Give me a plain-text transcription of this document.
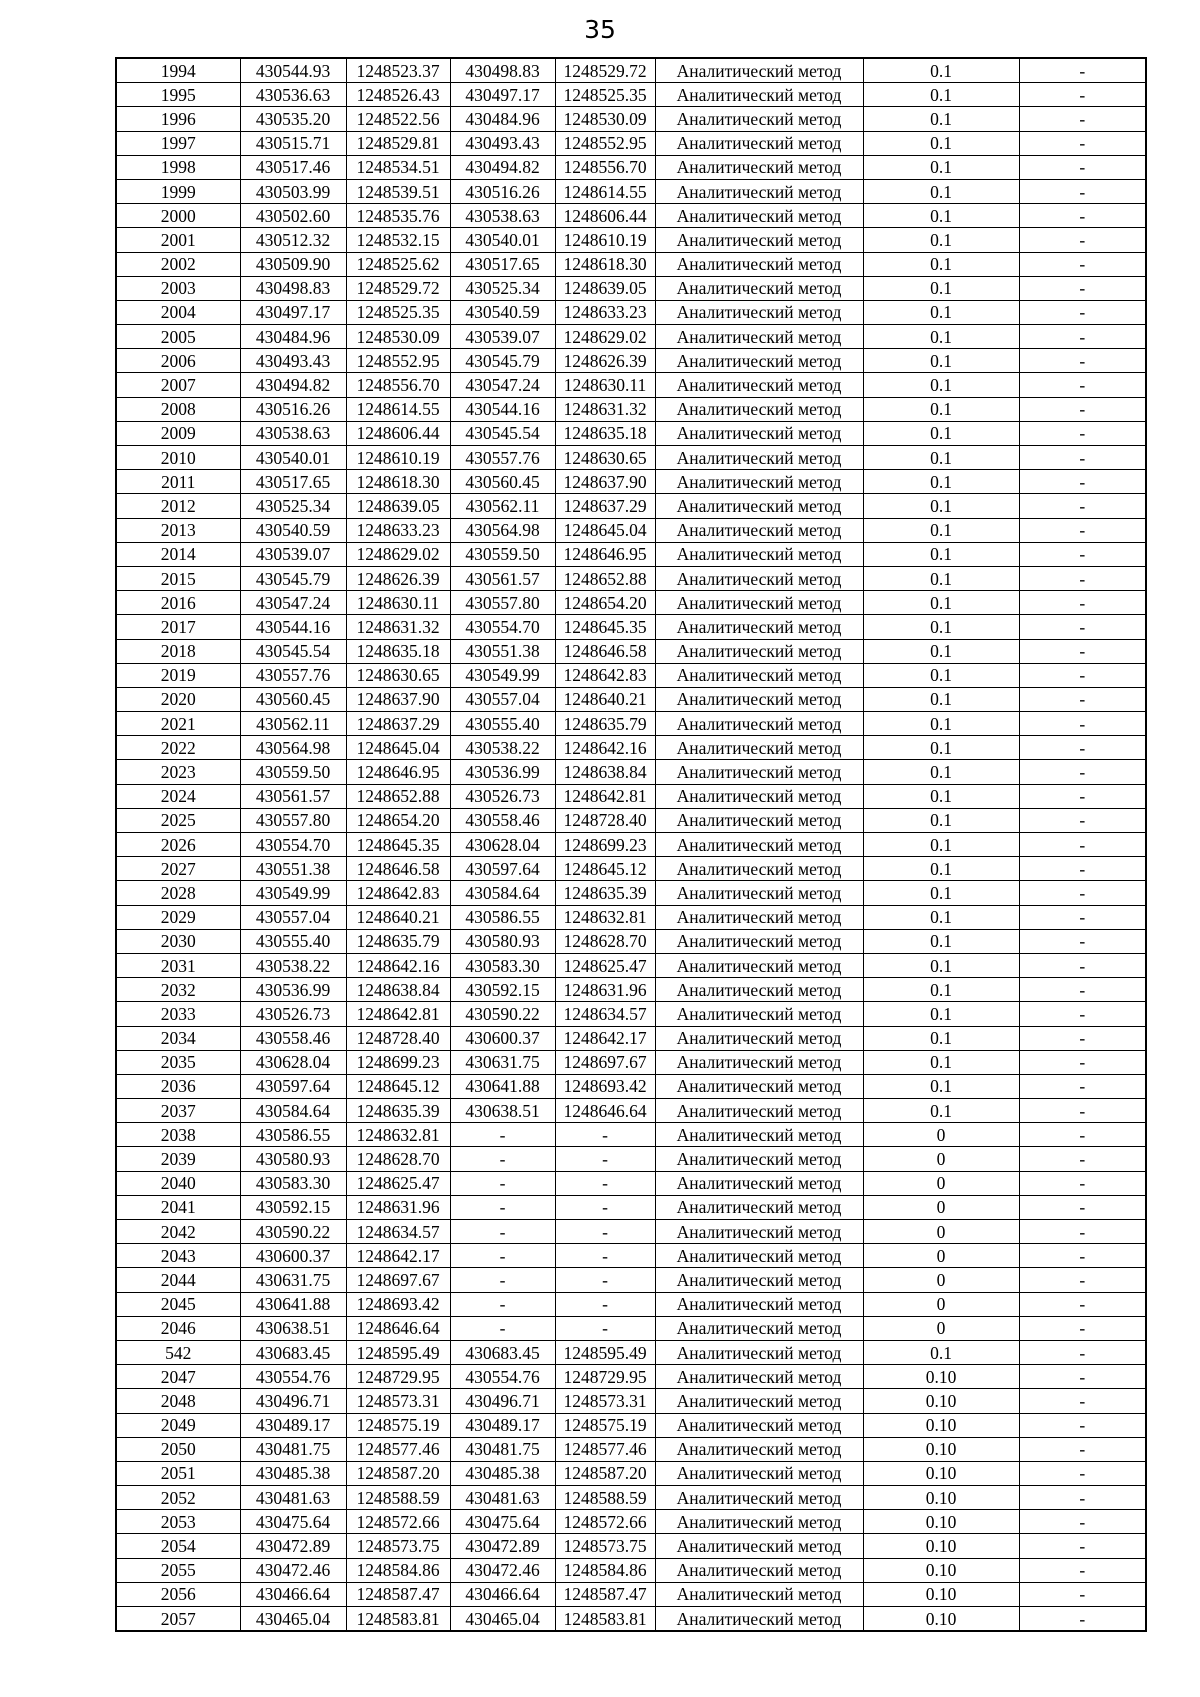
35
1994	430544.93	1248523.37	430498.83	1248529.72	Аналитический метод	0.1	-
1995	430536.63	1248526.43	430497.17	1248525.35	Аналитический метод	0.1	-
1996	430535.20	1248522.56	430484.96	1248530.09	Аналитический метод	0.1	-
1997	430515.71	1248529.81	430493.43	1248552.95	Аналитический метод	0.1	-
1998	430517.46	1248534.51	430494.82	1248556.70	Аналитический метод	0.1	-
1999	430503.99	1248539.51	430516.26	1248614.55	Аналитический метод	0.1	-
2000	430502.60	1248535.76	430538.63	1248606.44	Аналитический метод	0.1	-
2001	430512.32	1248532.15	430540.01	1248610.19	Аналитический метод	0.1	-
2002	430509.90	1248525.62	430517.65	1248618.30	Аналитический метод	0.1	-
2003	430498.83	1248529.72	430525.34	1248639.05	Аналитический метод	0.1	-
2004	430497.17	1248525.35	430540.59	1248633.23	Аналитический метод	0.1	-
2005	430484.96	1248530.09	430539.07	1248629.02	Аналитический метод	0.1	-
2006	430493.43	1248552.95	430545.79	1248626.39	Аналитический метод	0.1	-
2007	430494.82	1248556.70	430547.24	1248630.11	Аналитический метод	0.1	-
2008	430516.26	1248614.55	430544.16	1248631.32	Аналитический метод	0.1	-
2009	430538.63	1248606.44	430545.54	1248635.18	Аналитический метод	0.1	-
2010	430540.01	1248610.19	430557.76	1248630.65	Аналитический метод	0.1	-
2011	430517.65	1248618.30	430560.45	1248637.90	Аналитический метод	0.1	-
2012	430525.34	1248639.05	430562.11	1248637.29	Аналитический метод	0.1	-
2013	430540.59	1248633.23	430564.98	1248645.04	Аналитический метод	0.1	-
2014	430539.07	1248629.02	430559.50	1248646.95	Аналитический метод	0.1	-
2015	430545.79	1248626.39	430561.57	1248652.88	Аналитический метод	0.1	-
2016	430547.24	1248630.11	430557.80	1248654.20	Аналитический метод	0.1	-
2017	430544.16	1248631.32	430554.70	1248645.35	Аналитический метод	0.1	-
2018	430545.54	1248635.18	430551.38	1248646.58	Аналитический метод	0.1	-
2019	430557.76	1248630.65	430549.99	1248642.83	Аналитический метод	0.1	-
2020	430560.45	1248637.90	430557.04	1248640.21	Аналитический метод	0.1	-
2021	430562.11	1248637.29	430555.40	1248635.79	Аналитический метод	0.1	-
2022	430564.98	1248645.04	430538.22	1248642.16	Аналитический метод	0.1	-
2023	430559.50	1248646.95	430536.99	1248638.84	Аналитический метод	0.1	-
2024	430561.57	1248652.88	430526.73	1248642.81	Аналитический метод	0.1	-
2025	430557.80	1248654.20	430558.46	1248728.40	Аналитический метод	0.1	-
2026	430554.70	1248645.35	430628.04	1248699.23	Аналитический метод	0.1	-
2027	430551.38	1248646.58	430597.64	1248645.12	Аналитический метод	0.1	-
2028	430549.99	1248642.83	430584.64	1248635.39	Аналитический метод	0.1	-
2029	430557.04	1248640.21	430586.55	1248632.81	Аналитический метод	0.1	-
2030	430555.40	1248635.79	430580.93	1248628.70	Аналитический метод	0.1	-
2031	430538.22	1248642.16	430583.30	1248625.47	Аналитический метод	0.1	-
2032	430536.99	1248638.84	430592.15	1248631.96	Аналитический метод	0.1	-
2033	430526.73	1248642.81	430590.22	1248634.57	Аналитический метод	0.1	-
2034	430558.46	1248728.40	430600.37	1248642.17	Аналитический метод	0.1	-
2035	430628.04	1248699.23	430631.75	1248697.67	Аналитический метод	0.1	-
2036	430597.64	1248645.12	430641.88	1248693.42	Аналитический метод	0.1	-
2037	430584.64	1248635.39	430638.51	1248646.64	Аналитический метод	0.1	-
2038	430586.55	1248632.81	-	-	Аналитический метод	0	-
2039	430580.93	1248628.70	-	-	Аналитический метод	0	-
2040	430583.30	1248625.47	-	-	Аналитический метод	0	-
2041	430592.15	1248631.96	-	-	Аналитический метод	0	-
2042	430590.22	1248634.57	-	-	Аналитический метод	0	-
2043	430600.37	1248642.17	-	-	Аналитический метод	0	-
2044	430631.75	1248697.67	-	-	Аналитический метод	0	-
2045	430641.88	1248693.42	-	-	Аналитический метод	0	-
2046	430638.51	1248646.64	-	-	Аналитический метод	0	-
542	430683.45	1248595.49	430683.45	1248595.49	Аналитический метод	0.1	-
2047	430554.76	1248729.95	430554.76	1248729.95	Аналитический метод	0.10	-
2048	430496.71	1248573.31	430496.71	1248573.31	Аналитический метод	0.10	-
2049	430489.17	1248575.19	430489.17	1248575.19	Аналитический метод	0.10	-
2050	430481.75	1248577.46	430481.75	1248577.46	Аналитический метод	0.10	-
2051	430485.38	1248587.20	430485.38	1248587.20	Аналитический метод	0.10	-
2052	430481.63	1248588.59	430481.63	1248588.59	Аналитический метод	0.10	-
2053	430475.64	1248572.66	430475.64	1248572.66	Аналитический метод	0.10	-
2054	430472.89	1248573.75	430472.89	1248573.75	Аналитический метод	0.10	-
2055	430472.46	1248584.86	430472.46	1248584.86	Аналитический метод	0.10	-
2056	430466.64	1248587.47	430466.64	1248587.47	Аналитический метод	0.10	-
2057	430465.04	1248583.81	430465.04	1248583.81	Аналитический метод	0.10	-
